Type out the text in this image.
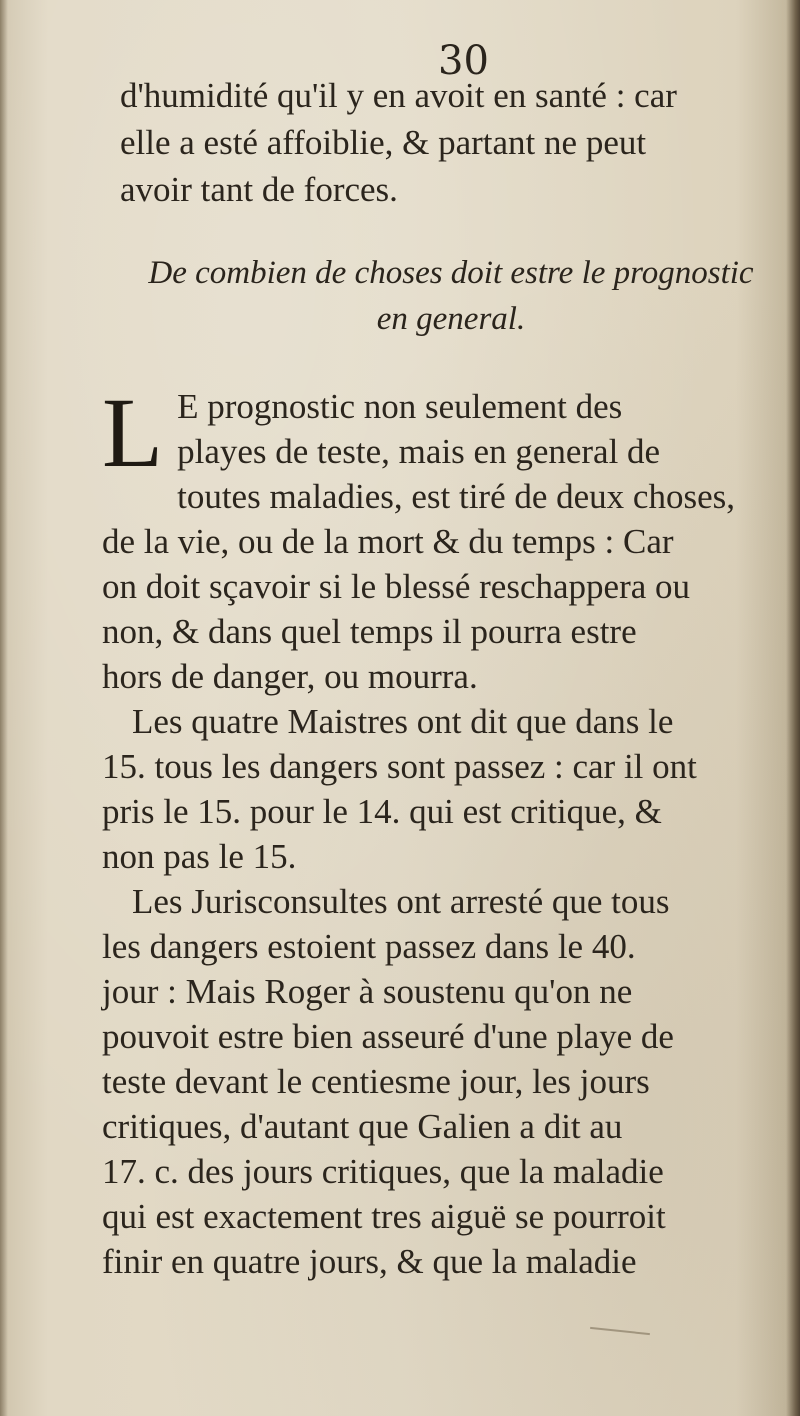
30
d'humidité qu'il y en avoit en santé : car
elle a esté affoiblie, & partant ne peut
avoir tant de forces.
De combien de choses doit estre le prognostic
en general.
L E prognostic non seulement des
playes de teste, mais en general de
toutes maladies, est tiré de deux choses,
de la vie, ou de la mort & du temps : Car
on doit sçavoir si le blessé reschappera ou
non, & dans quel temps il pourra estre
hors de danger, ou mourra.
Les quatre Maistres ont dit que dans le
15. tous les dangers sont passez : car il ont
pris le 15. pour le 14. qui est critique, &
non pas le 15.
Les Jurisconsultes ont arresté que tous
les dangers estoient passez dans le 40.
jour : Mais Roger à soustenu qu'on ne
pouvoit estre bien asseuré d'une playe de
teste devant le centiesme jour, les jours
critiques, d'autant que Galien a dit au
17. c. des jours critiques, que la maladie
qui est exactement tres aiguë se pourroit
finir en quatre jours, & que la maladie
